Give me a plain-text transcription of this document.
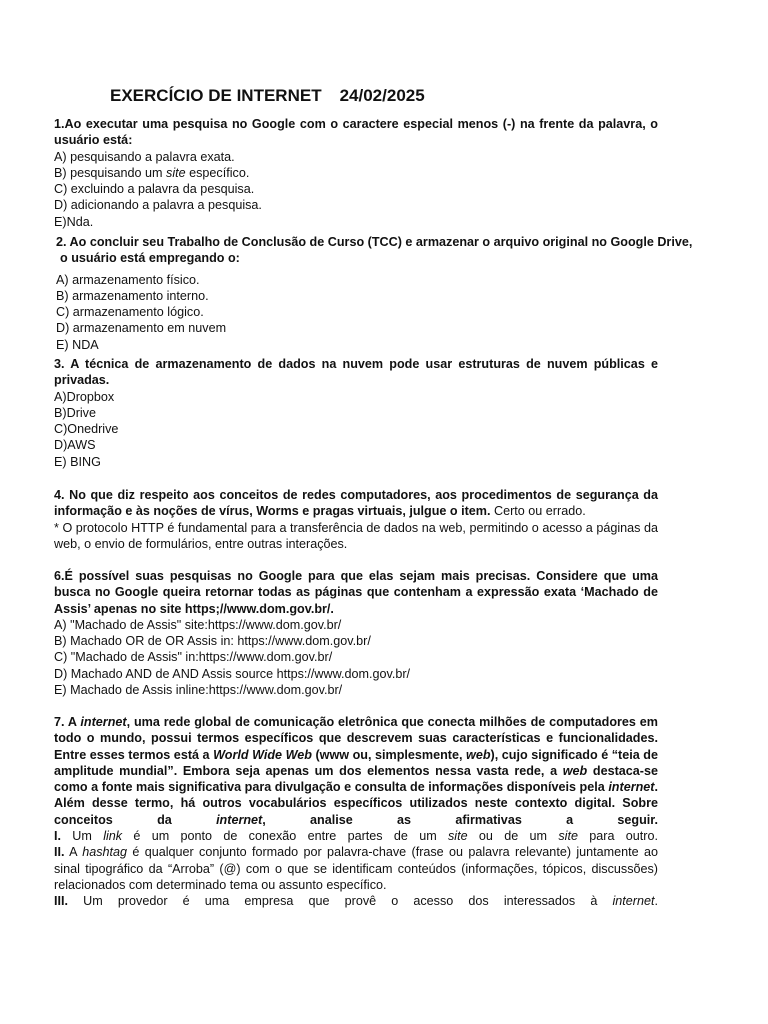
EXERCÍCIO DE INTERNET 24/02/2025

1.Ao executar uma pesquisa no Google com o caractere especial menos (-) na frente da palavra, o usuário está:

A) pesquisando a palavra exata.
B) pesquisando um site específico.
C) excluindo a palavra da pesquisa.
D) adicionando a palavra a pesquisa.
E)Nda.
2. Ao concluir seu Trabalho de Conclusão de Curso (TCC) e armazenar o arquivo original no Google Drive,
o usuário está empregando o:
A) armazenamento físico.
B) armazenamento interno.
C) armazenamento lógico.
D) armazenamento em nuvem
E) NDA

3. A técnica de armazenamento de dados na nuvem pode usar estruturas de nuvem públicas e privadas.

A)Dropbox
B)Drive
C)Onedrive
D)AWS
E) BING

4. No que diz respeito aos conceitos de redes computadores, aos procedimentos de segurança da informação e às noções de vírus, Worms e pragas virtuais, julgue o item. Certo ou errado.

* O protocolo HTTP é fundamental para a transferência de dados na web, permitindo o acesso a páginas da web, o envio de formulários, entre outras interações.

6.É possível suas pesquisas no Google para que elas sejam mais precisas. Considere que uma busca no Google queira retornar todas as páginas que contenham a expressão exata ‘Machado de Assis’ apenas no site https;//www.dom.gov.br/.

A) "Machado de Assis" site:https://www.dom.gov.br/
B) Machado OR de OR Assis in: https://www.dom.gov.br/
C) "Machado de Assis" in:https://www.dom.gov.br/
D) Machado AND de AND Assis source https://www.dom.gov.br/
E) Machado de Assis inline:https://www.dom.gov.br/

7. A internet, uma rede global de comunicação eletrônica que conecta milhões de computadores em todo o mundo, possui termos específicos que descrevem suas características e funcionalidades. Entre esses termos está a World Wide Web (www ou, simplesmente, web), cujo significado é “teia de amplitude mundial”. Embora seja apenas um dos elementos nessa vasta rede, a web destaca-se como a fonte mais significativa para divulgação e consulta de informações disponíveis pela internet. Além desse termo, há outros vocabulários específicos utilizados neste contexto digital. Sobre conceitos da internet, analise as afirmativas a seguir.

I. Um link é um ponto de conexão entre partes de um site ou de um site para outro.

II. A hashtag é qualquer conjunto formado por palavra-chave (frase ou palavra relevante) juntamente ao sinal tipográfico da “Arroba” (@) com o que se identificam conteúdos (informações, tópicos, discussões) relacionados com determinado tema ou assunto específico.

III. Um provedor é uma empresa que provê o acesso dos interessados à internet.
